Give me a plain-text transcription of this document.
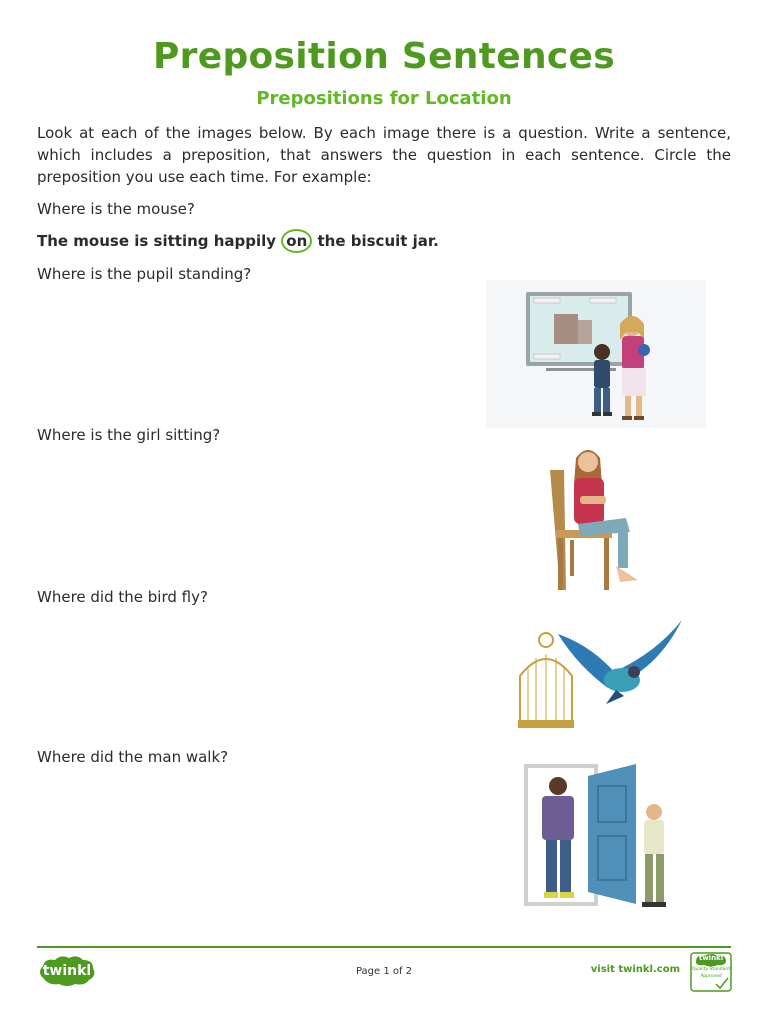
Preposition Sentences
Prepositions for Location

Look at each of the images below. By each image there is a question. Write a sentence, which includes a preposition, that answers the question in each sentence. Circle the preposition you use each time. For example:

Where is the mouse?

The mouse is sitting happily on the biscuit jar.

Where is the pupil standing?

Where is the girl sitting?

Where did the bird fly?

Where did the man walk?

twinkl	Page 1 of 2	visit twinkl.com
twinkl
Quality Standard Approved
